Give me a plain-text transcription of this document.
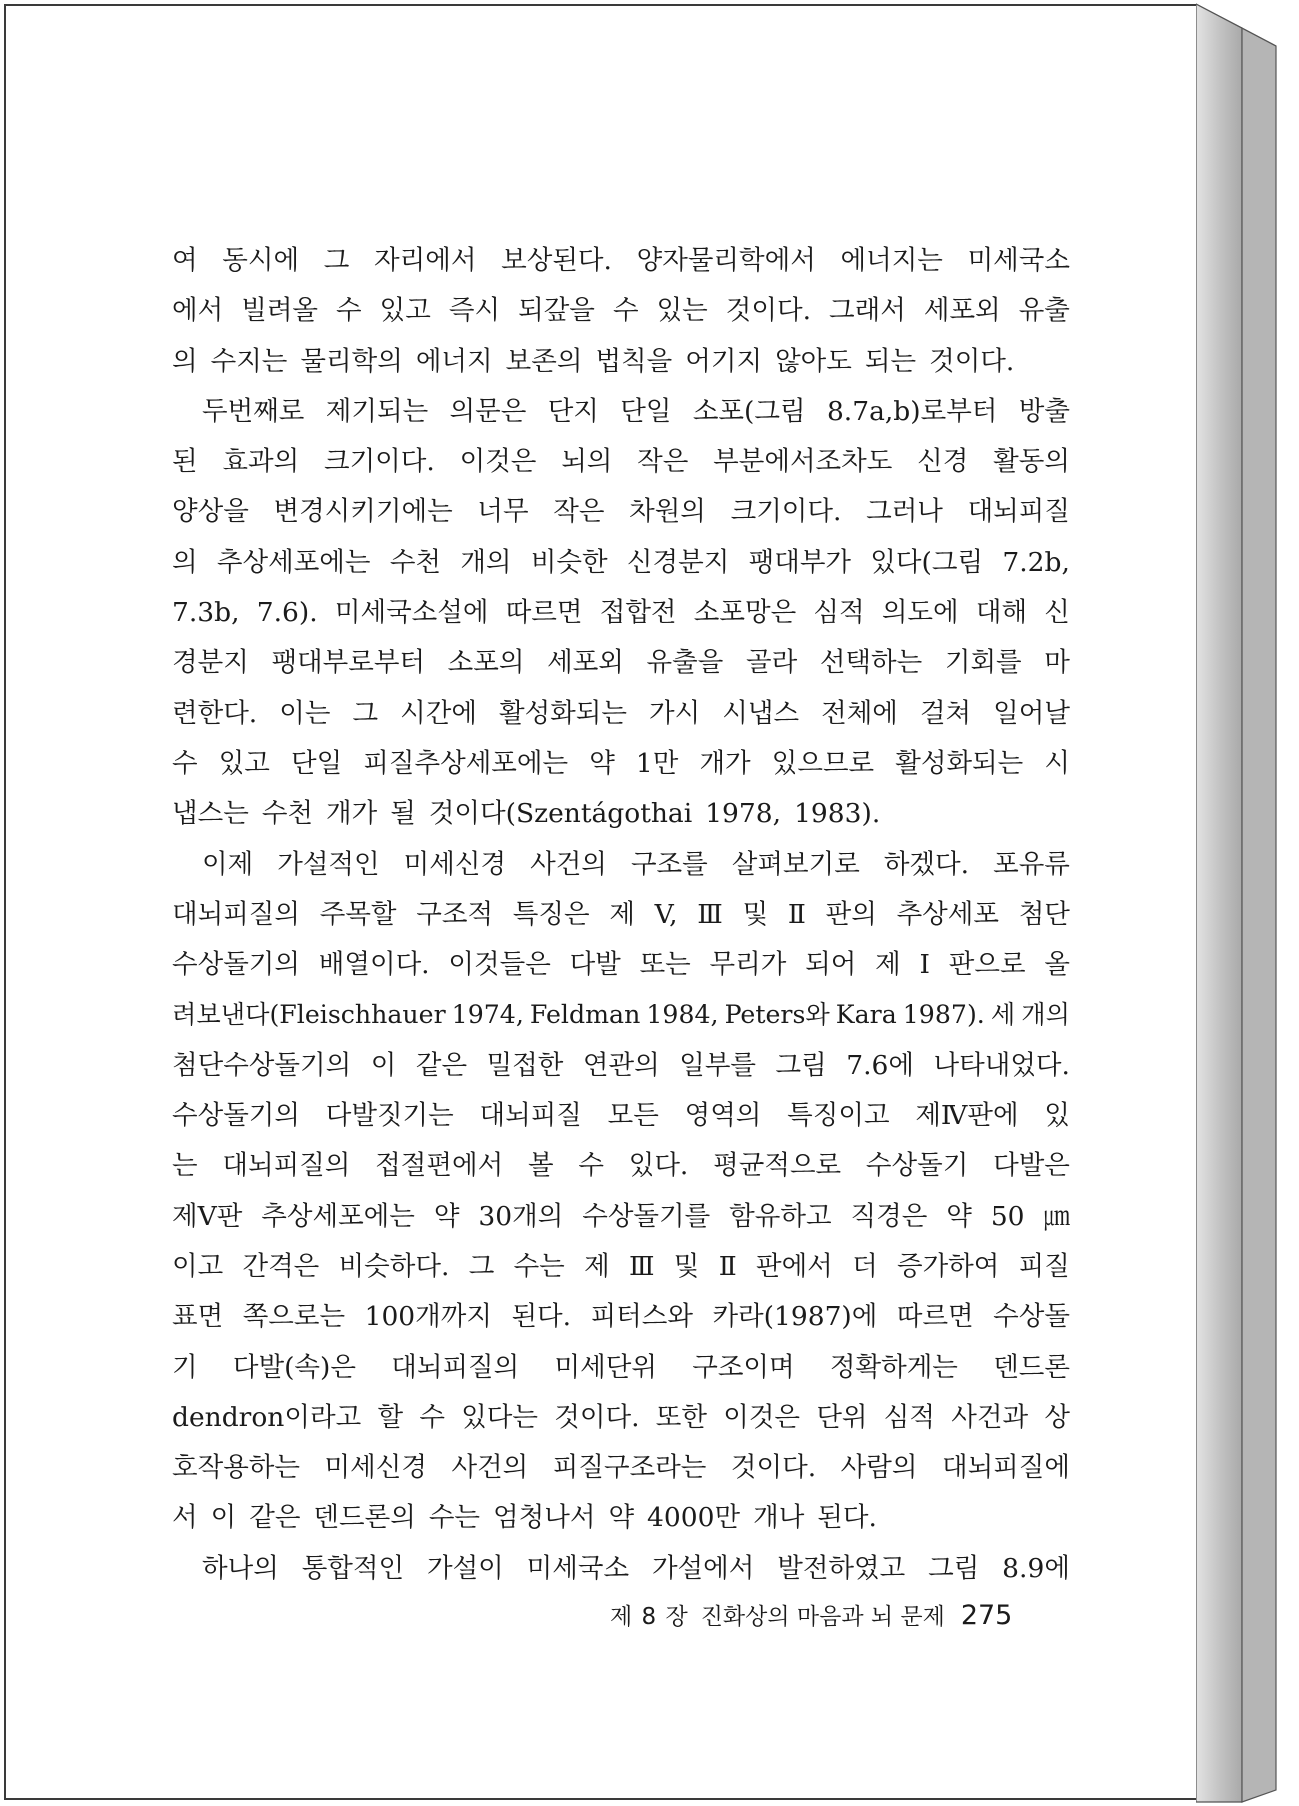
여 동시에 그 자리에서 보상된다. 양자물리학에서 에너지는 미세국소
에서 빌려올 수 있고 즉시 되갚을 수 있는 것이다. 그래서 세포외 유출
의 수지는 물리학의 에너지 보존의 법칙을 어기지 않아도 되는 것이다.
두번째로 제기되는 의문은 단지 단일 소포(그림 8.7a,b)로부터 방출
된 효과의 크기이다. 이것은 뇌의 작은 부분에서조차도 신경 활동의
양상을 변경시키기에는 너무 작은 차원의 크기이다. 그러나 대뇌피질
의 추상세포에는 수천 개의 비슷한 신경분지 팽대부가 있다(그림 7.2b,
7.3b, 7.6). 미세국소설에 따르면 접합전 소포망은 심적 의도에 대해 신
경분지 팽대부로부터 소포의 세포외 유출을 골라 선택하는 기회를 마
련한다. 이는 그 시간에 활성화되는 가시 시냅스 전체에 걸쳐 일어날
수 있고 단일 피질추상세포에는 약 1만 개가 있으므로 활성화되는 시
냅스는 수천 개가 될 것이다(Szentágothai 1978, 1983).
이제 가설적인 미세신경 사건의 구조를 살펴보기로 하겠다. 포유류
대뇌피질의 주목할 구조적 특징은 제 V, Ⅲ 및 Ⅱ 판의 추상세포 첨단
수상돌기의 배열이다. 이것들은 다발 또는 무리가 되어 제 I 판으로 올
려보낸다(Fleischhauer 1974, Feldman 1984, Peters와 Kara 1987). 세 개의
첨단수상돌기의 이 같은 밀접한 연관의 일부를 그림 7.6에 나타내었다.
수상돌기의 다발짓기는 대뇌피질 모든 영역의 특징이고 제Ⅳ판에 있
는 대뇌피질의 접절편에서 볼 수 있다. 평균적으로 수상돌기 다발은
제V판 추상세포에는 약 30개의 수상돌기를 함유하고 직경은 약 50 ㎛
이고 간격은 비슷하다. 그 수는 제 Ⅲ 및 Ⅱ 판에서 더 증가하여 피질
표면 쪽으로는 100개까지 된다. 피터스와 카라(1987)에 따르면 수상돌
기 다발(속)은 대뇌피질의 미세단위 구조이며 정확하게는 덴드론
dendron이라고 할 수 있다는 것이다. 또한 이것은 단위 심적 사건과 상
호작용하는 미세신경 사건의 피질구조라는 것이다. 사람의 대뇌피질에
서 이 같은 덴드론의 수는 엄청나서 약 4000만 개나 된다.
하나의 통합적인 가설이 미세국소 가설에서 발전하였고 그림 8.9에
제 8 장 진화상의 마음과 뇌 문제 275
